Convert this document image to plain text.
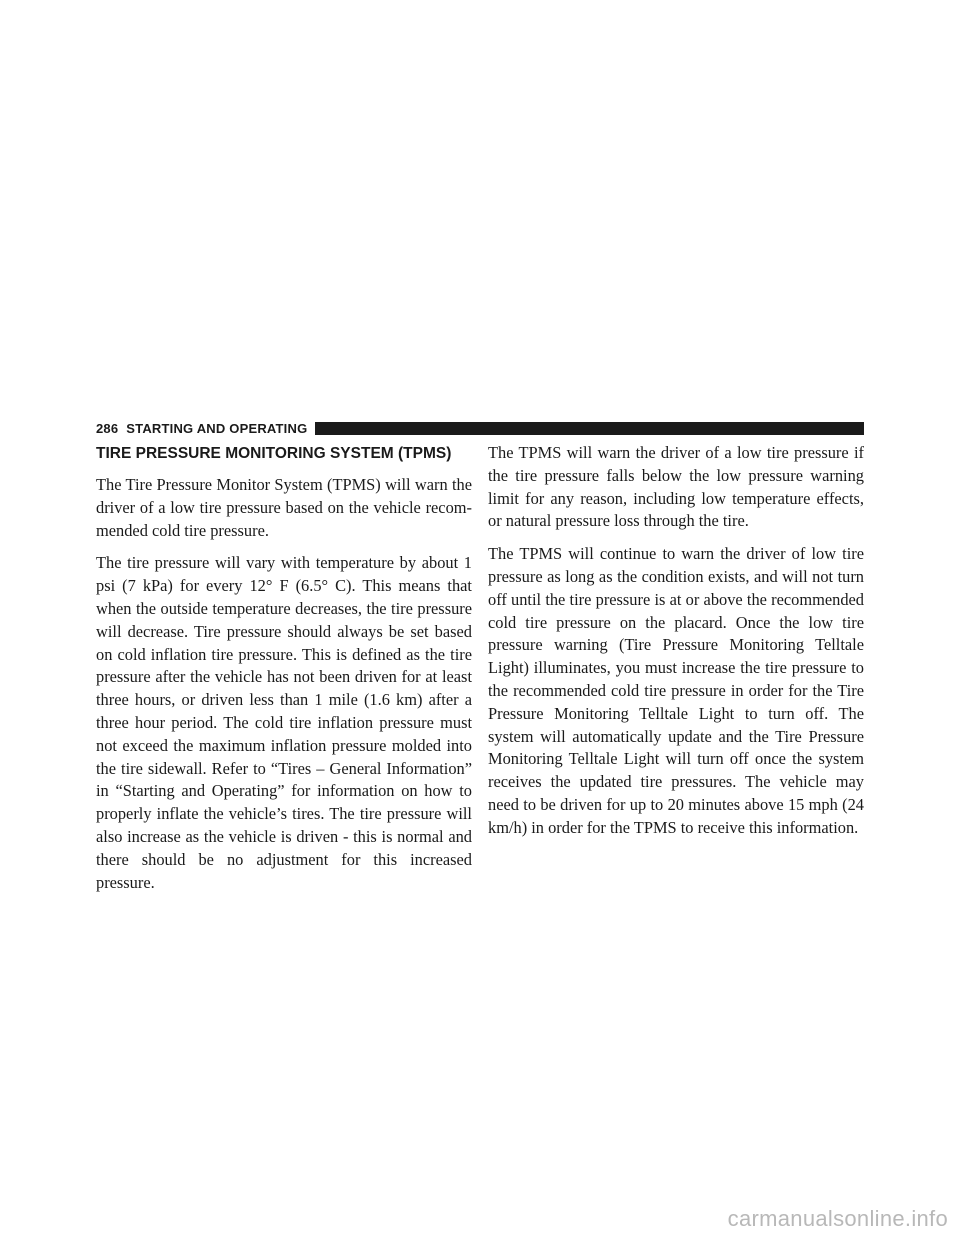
286 STARTING AND OPERATING
TIRE PRESSURE MONITORING SYSTEM (TPMS)

The Tire Pressure Monitor System (TPMS) will warn the driver of a low tire pressure based on the vehicle recommended cold tire pressure.

The tire pressure will vary with temperature by about 1 psi (7 kPa) for every 12° F (6.5° C). This means that when the outside temperature decreases, the tire pressure will decrease. Tire pressure should always be set based on cold inflation tire pressure. This is defined as the tire pressure after the vehicle has not been driven for at least three hours, or driven less than 1 mile (1.6 km) after a three hour period. The cold tire inflation pressure must not exceed the maximum inflation pressure molded into the tire sidewall. Refer to “Tires – General Information” in “Starting and Operating” for information on how to properly inflate the vehicle’s tires. The tire pressure will also increase as the vehicle is driven - this is normal and there should be no adjustment for this increased pressure.

The TPMS will warn the driver of a low tire pressure if the tire pressure falls below the low pressure warning limit for any reason, including low temperature effects, or natural pressure loss through the tire.

The TPMS will continue to warn the driver of low tire pressure as long as the condition exists, and will not turn off until the tire pressure is at or above the recommended cold tire pressure on the placard. Once the low tire pressure warning (Tire Pressure Monitoring Telltale Light) illuminates, you must increase the tire pressure to the recommended cold tire pressure in order for the Tire Pressure Monitoring Telltale Light to turn off. The system will automatically update and the Tire Pressure Monitoring Telltale Light will turn off once the system receives the updated tire pressures. The vehicle may need to be driven for up to 20 minutes above 15 mph (24 km/h) in order for the TPMS to receive this information.

carmanualsonline.info
